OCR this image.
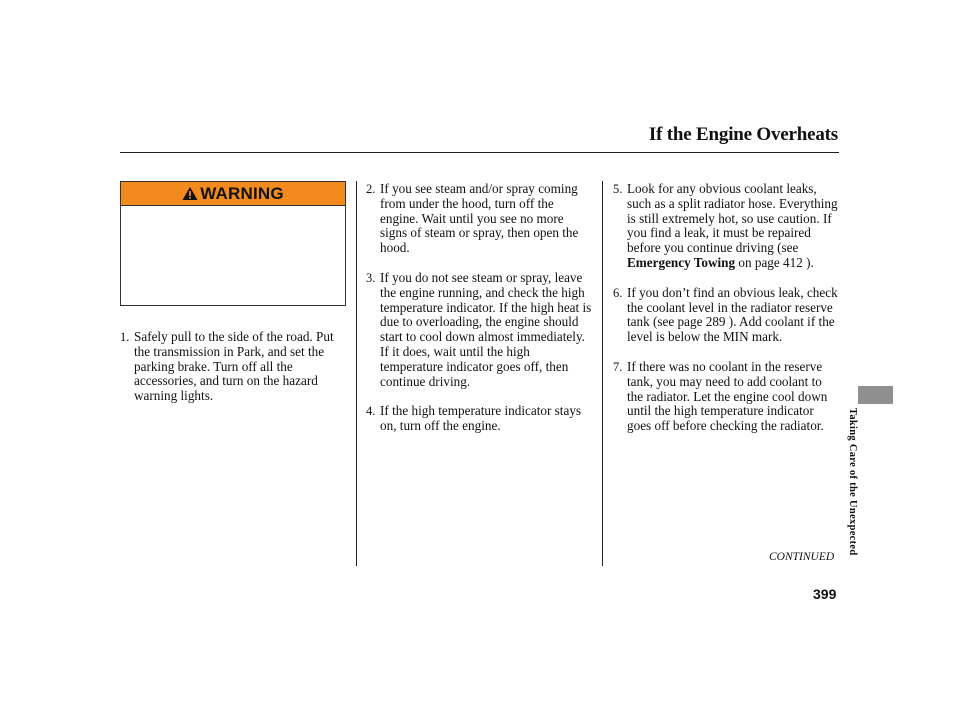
If the Engine Overheats
WARNING
1. Safely pull to the side of the road. Put the transmission in Park, and set the parking brake. Turn off all the accessories, and turn on the hazard warning lights.
2. If you see steam and/or spray coming from under the hood, turn off the engine. Wait until you see no more signs of steam or spray, then open the hood.
3. If you do not see steam or spray, leave the engine running, and check the high temperature indicator. If the high heat is due to overloading, the engine should start to cool down almost immediately. If it does, wait until the high temperature indicator goes off, then continue driving.
4. If the high temperature indicator stays on, turn off the engine.
5. Look for any obvious coolant leaks, such as a split radiator hose. Everything is still extremely hot, so use caution. If you find a leak, it must be repaired before you continue driving (see Emergency Towing on page 412 ).
6. If you don’t find an obvious leak, check the coolant level in the radiator reserve tank (see page 289 ). Add coolant if the level is below the MIN mark.
7. If there was no coolant in the reserve tank, you may need to add coolant to the radiator. Let the engine cool down until the high temperature indicator goes off before checking the radiator.
CONTINUED
399
Taking Care of the Unexpected
